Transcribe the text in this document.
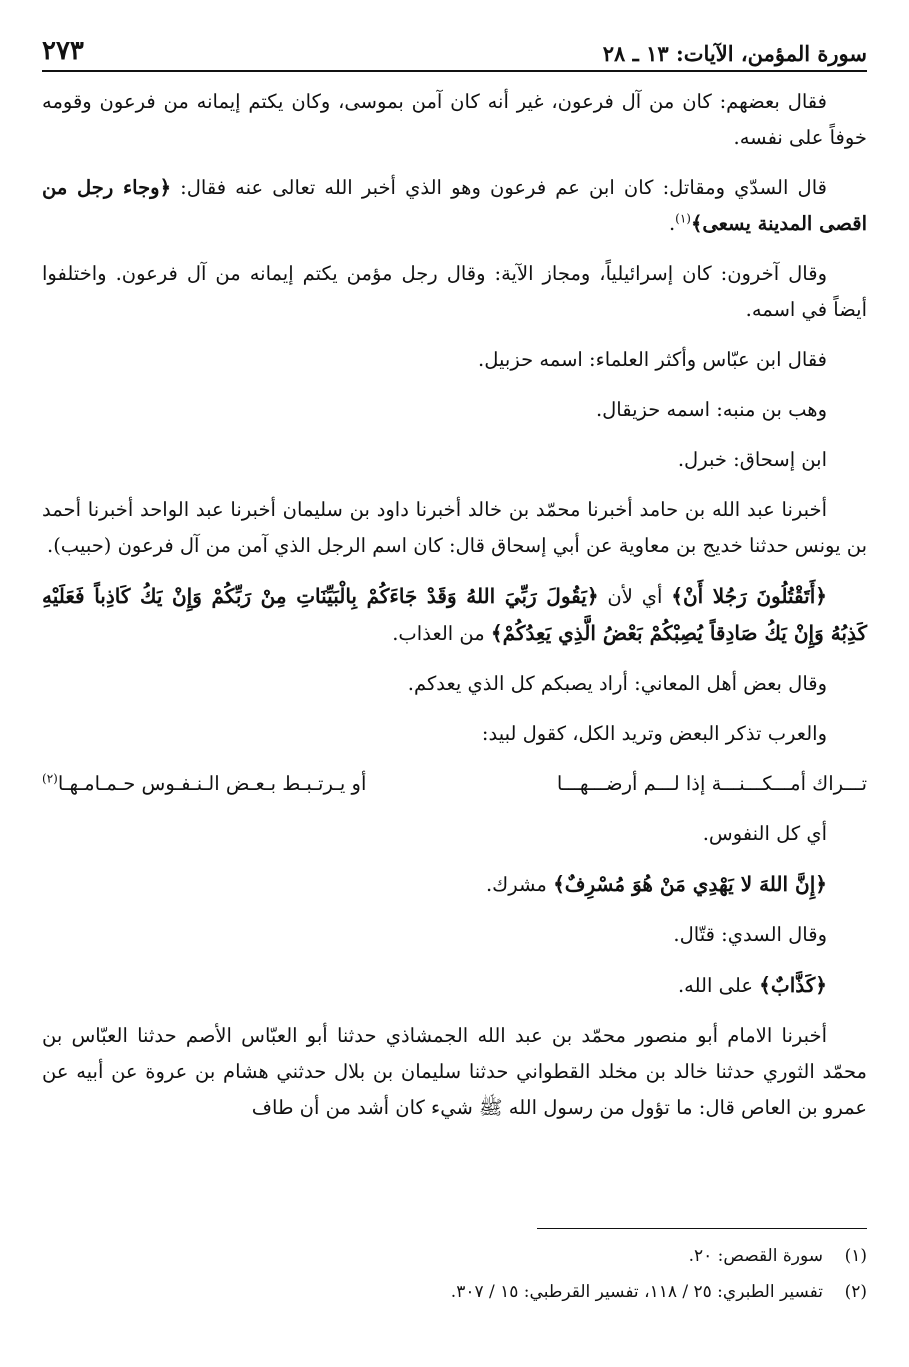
سورة المؤمن، الآيات: ١٣ ـ ٢٨
٢٧٣

فقال بعضهم: كان من آل فرعون، غير أنه كان آمن بموسى، وكان يكتم إيمانه من فرعون وقومه خوفاً على نفسه.

قال السدّي ومقاتل: كان ابن عم فرعون وهو الذي أخبر الله تعالى عنه فقال: ﴿وجاء رجل من اقصى المدينة يسعى﴾$^{(١)}$.

وقال آخرون: كان إسرائيلياً، ومجاز الآية: وقال رجل مؤمن يكتم إيمانه من آل فرعون. واختلفوا أيضاً في اسمه.

فقال ابن عبّاس وأكثر العلماء: اسمه حزبيل.

وهب بن منبه: اسمه حزيقال.

ابن إسحاق: خبرل.

أخبرنا عبد الله بن حامد أخبرنا محمّد بن خالد أخبرنا داود بن سليمان أخبرنا عبد الواحد أخبرنا أحمد بن يونس حدثنا خديج بن معاوية عن أبي إسحاق قال: كان اسم الرجل الذي آمن من آل فرعون (حبيب).

﴿أَتَقْتُلُونَ رَجُلا أَنْ﴾ أي لأن ﴿يَقُولَ رَبِّيَ اللهُ وَقَدْ جَاءَكُمْ بِالْبَيِّنَاتِ مِنْ رَبِّكُمْ وَإِنْ يَكُ كَاذِباً فَعَلَيْهِ كَذِبُهُ وَإِنْ يَكُ صَادِقاً يُصِبْكُمْ بَعْضُ الَّذِي يَعِدُكُمْ﴾ من العذاب.

وقال بعض أهل المعاني: أراد يصبكم كل الذي يعدكم.

والعرب تذكر البعض وتريد الكل، كقول لبيد:

تـــراك أمـــكـــنـــة إذا لـــم أرضـــهـــا
أو يـرتـبـط بـعـض الـنـفـوس حـمـامـهـا$^{(٢)}$

أي كل النفوس.

﴿إِنَّ اللهَ لا يَهْدِي مَنْ هُوَ مُسْرِفٌ﴾ مشرك.

وقال السدي: قتّال.

﴿كَذَّابٌ﴾ على الله.

أخبرنا الامام أبو منصور محمّد بن عبد الله الجمشاذي حدثنا أبو العبّاس الأصم حدثنا العبّاس بن محمّد الثوري حدثنا خالد بن مخلد القطواني حدثنا سليمان بن بلال حدثني هشام بن عروة عن أبيه عن عمرو بن العاص قال: ما تؤول من رسول الله ﷺ شيء كان أشد من أن طاف

(١)
سورة القصص: ٢٠.
(٢)
تفسير الطبري: ٢٥ / ١١٨، تفسير القرطبي: ١٥ / ٣٠٧.
